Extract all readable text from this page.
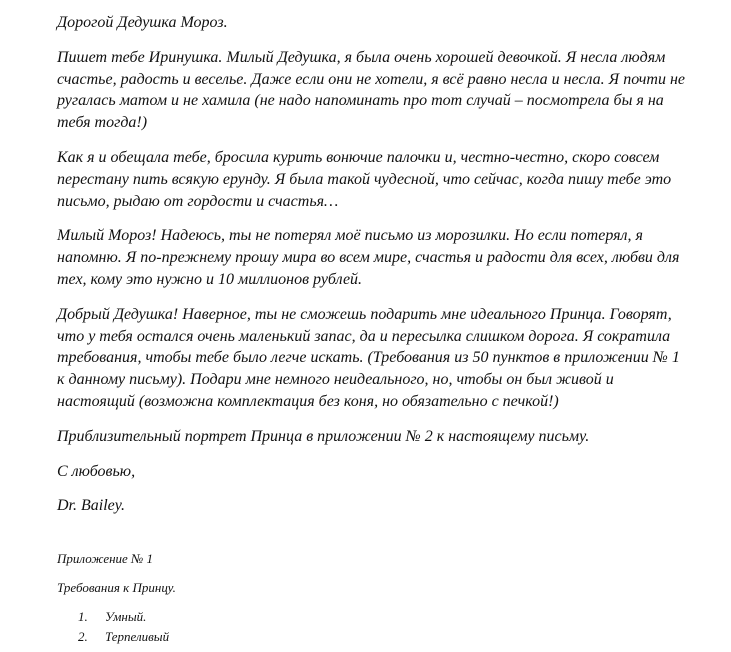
Дорогой Дедушка Мороз.

Пишет тебе Иринушка. Милый Дедушка, я была очень хорошей девочкой. Я несла людям счастье, радость и веселье. Даже если они не хотели, я всё равно несла и несла. Я почти не ругалась матом и не хамила (не надо напоминать про тот случай – посмотрела бы я на тебя тогда!)

Как я и обещала тебе, бросила курить вонючие палочки и, честно-честно, скоро совсем перестану пить всякую ерунду. Я была такой чудесной, что сейчас, когда пишу тебе это письмо, рыдаю от гордости и счастья…

Милый Мороз! Надеюсь, ты не потерял моё письмо из морозилки. Но если потерял, я напомню. Я по-прежнему прошу мира во всем мире, счастья и радости для всех, любви для тех, кому это нужно и 10 миллионов рублей.

Добрый Дедушка! Наверное, ты не сможешь подарить мне идеального Принца. Говорят, что у тебя остался очень маленький запас, да и пересылка слишком дорога. Я сократила требования, чтобы тебе было легче искать. (Требования из 50 пунктов в приложении № 1 к данному письму). Подари мне немного неидеального, но, чтобы он был живой и настоящий (возможна комплектация без коня, но обязательно с печкой!)

Приблизительный портрет Принца в приложении № 2 к настоящему письму.

С любовью,

Dr. Bailey.

Приложение № 1
Требования к Принцу.
1.	Умный.
2.	Терпеливый
